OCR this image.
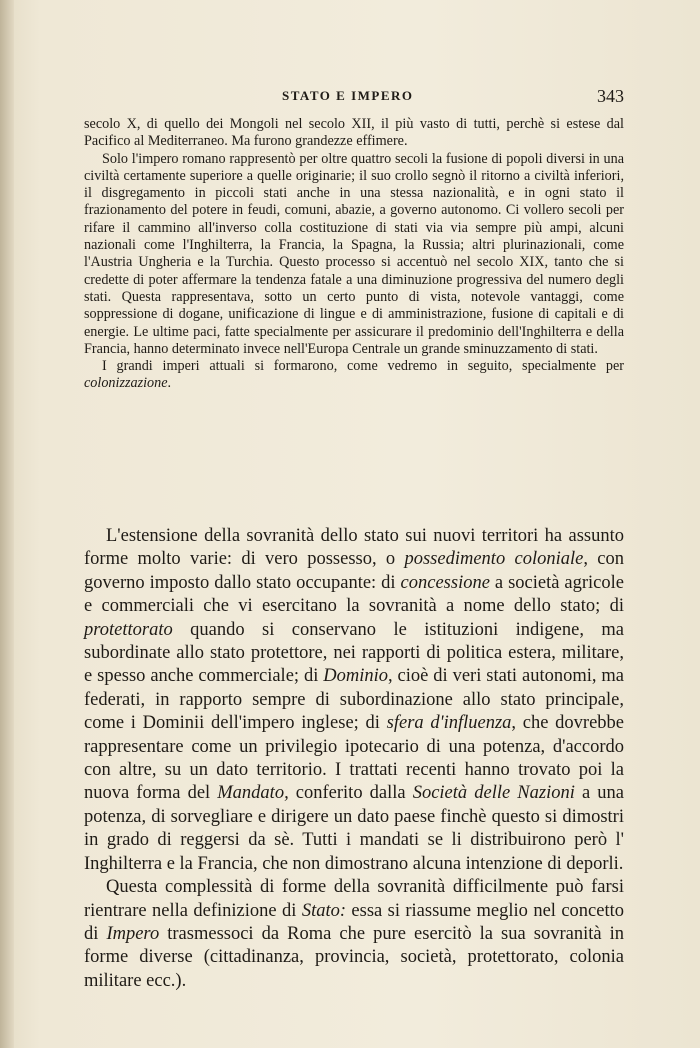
STATO E IMPERO	343

secolo X, di quello dei Mongoli nel secolo XII, il più vasto di tutti, perchè si estese dal Pacifico al Mediterraneo. Ma furono grandezze effimere.

Solo l'impero romano rappresentò per oltre quattro secoli la fusione di popoli diversi in una civiltà certamente superiore a quelle originarie; il suo crollo segnò il ritorno a civiltà inferiori, il disgregamento in piccoli stati anche in una stessa nazionalità, e in ogni stato il frazionamento del potere in feudi, comuni, abazie, a governo autonomo. Ci vollero secoli per rifare il cammino all'inverso colla costituzione di stati via via sempre più ampi, alcuni nazionali come l'Inghilterra, la Francia, la Spagna, la Russia; altri plurinazionali, come l'Austria Ungheria e la Turchia. Questo processo si accentuò nel secolo XIX, tanto che si credette di poter affermare la tendenza fatale a una diminuzione progressiva del numero degli stati. Questa rappresentava, sotto un certo punto di vista, notevole vantaggi, come soppressione di dogane, unificazione di lingue e di amministrazione, fusione di capitali e di energie. Le ultime paci, fatte specialmente per assicurare il predominio dell'Inghilterra e della Francia, hanno determinato invece nell'Europa Centrale un grande sminuzzamento di stati.

I grandi imperi attuali si formarono, come vedremo in seguito, specialmente per colonizzazione.

L'estensione della sovranità dello stato sui nuovi territori ha assunto forme molto varie: di vero possesso, o possedimento coloniale, con governo imposto dallo stato occupante: di concessione a società agricole e commerciali che vi esercitano la sovranità a nome dello stato; di protettorato quando si conservano le istituzioni indigene, ma subordinate allo stato protettore, nei rapporti di politica estera, militare, e spesso anche commerciale; di Dominio, cioè di veri stati autonomi, ma federati, in rapporto sempre di subordinazione allo stato principale, come i Dominii dell'impero inglese; di sfera d'influenza, che dovrebbe rappresentare come un privilegio ipotecario di una potenza, d'accordo con altre, su un dato territorio. I trattati recenti hanno trovato poi la nuova forma del Mandato, conferito dalla Società delle Nazioni a una potenza, di sorvegliare e dirigere un dato paese finchè questo si dimostri in grado di reggersi da sè. Tutti i mandati se li distribuirono però l' Inghilterra e la Francia, che non dimostrano alcuna intenzione di deporli.

Questa complessità di forme della sovranità difficilmente può farsi rientrare nella definizione di Stato: essa si riassume meglio nel concetto di Impero trasmessoci da Roma che pure esercitò la sua sovranità in forme diverse (cittadinanza, provincia, società, protettorato, colonia militare ecc.).
